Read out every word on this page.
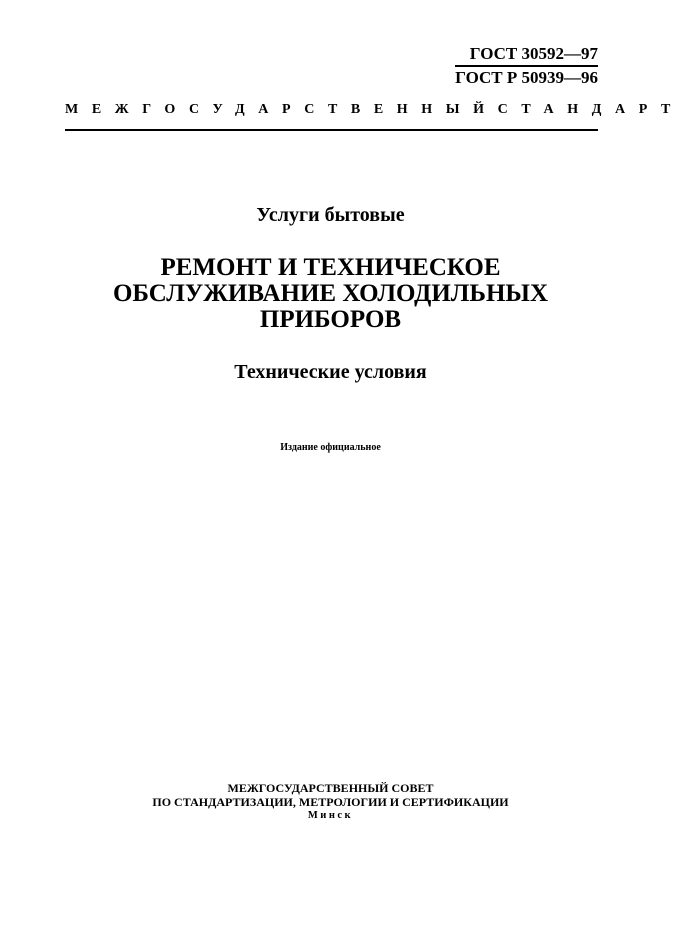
ГОСТ 30592—97
ГОСТ Р 50939—96
МЕЖГОСУДАРСТВЕННЫЙ СТАНДАРТ
Услуги бытовые
РЕМОНТ И ТЕХНИЧЕСКОЕ
ОБСЛУЖИВАНИЕ ХОЛОДИЛЬНЫХ
ПРИБОРОВ
Технические условия
Издание официальное
МЕЖГОСУДАРСТВЕННЫЙ СОВЕТ
ПО СТАНДАРТИЗАЦИИ, МЕТРОЛОГИИ И СЕРТИФИКАЦИИ
Минск
